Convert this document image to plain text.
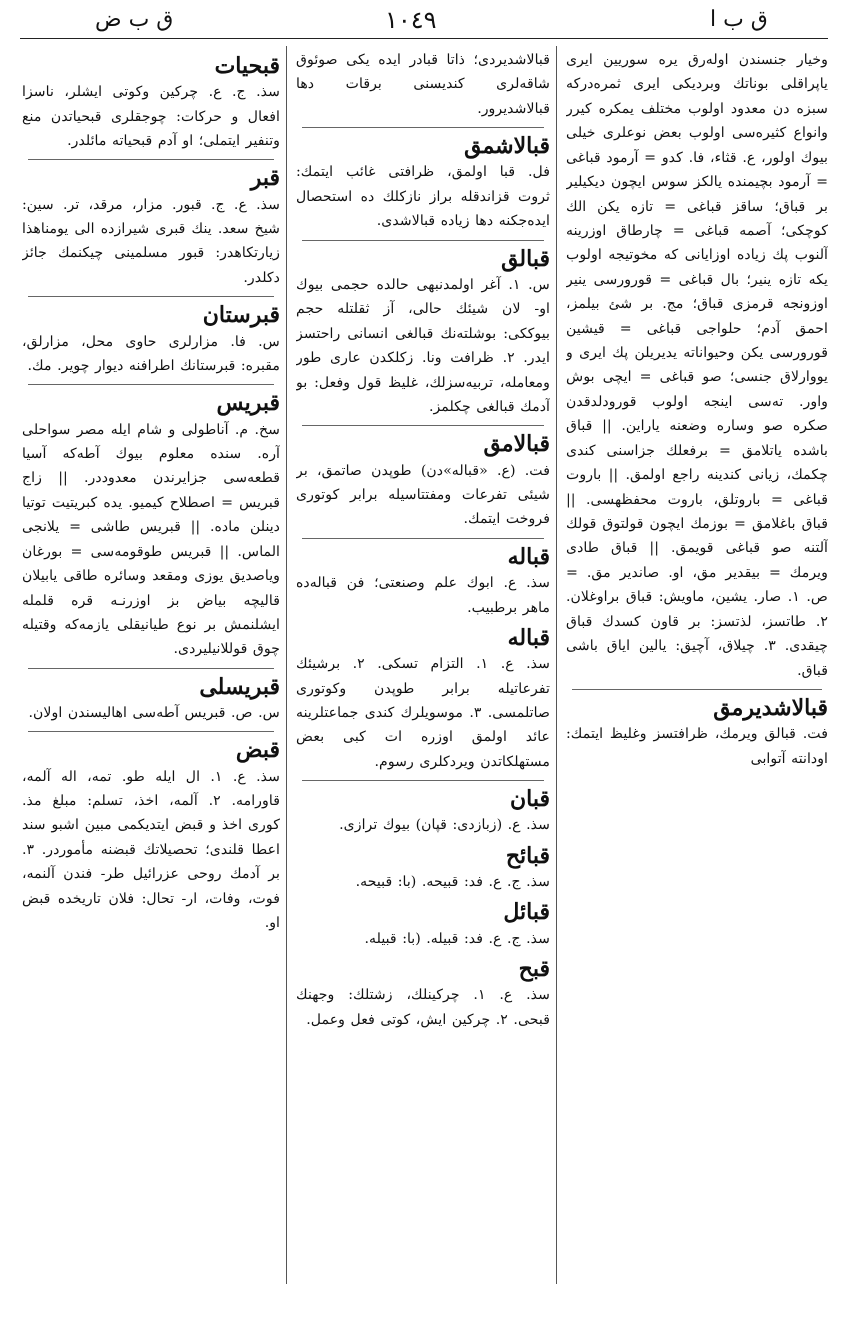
ق ب ض	١٠٤٩	ق ب ا

وخيار جنسندن اولەرق يره سوريين ايرى ياپراقلى بوناتك وبرديكى ايرى ثمرەدركه سبزه دن معدود اولوب مختلف يمكره كيرر وانواع كثيرەسى اولوب بعض نوعلرى خيلى بيوك اولور، ع. قثاء، فا. كدو = آرمود قباغى = آرمود بچيمنده يالكز سوس ايچون ديكيلير بر قباق؛ ساقز قباغى = تازه يكن الك كوچكى؛ آصمه قباغى = چارطاق اوزرينه آلنوب پك زياده اوزايانى كه مخوتيجه اولوب يكه تازه ينير؛ بال قباغى = قورورسى ينير اوزونجه قرمزى قباق؛ مج. بر شئ بيلمز، احمق آدم؛ حلواجى قباغى = قيشين قورورسى يكن وحيواناته يديريلن پك ايرى و يووارلاق جنسى؛ صو قباغى = ايچى بوش واور. تەسى اينجه اولوب قورودلدقدن صكره صو وساره وضعنه ياراين. || قباق باشده ياتلامق = برفعلك جزاسنى كندى چكمك، زيانى كندينه راجع اولمق. || باروت قباغى = باروتلق، باروت محفظهسى. || قباق باغلامق = بوزمك ايچون قولتوق قولك آلتنه صو قباغى قويمق. || قباق طادى ويرمك = بيقدير مق، او. صاندير مق. = ص. ١. صار. يشين، ماويش: قباق براوغلان. ٢. طاتسز، لذتسز: بر قاون كسدك قباق چيقدى. ٣. چيلاق، آچيق: يالين اياق باشى قباق.

قبالاشديرمق

فت. قبالق ويرمك، ظرافتسز وغليظ ايتمك: اودانته آتوابى

قبالاشديردى؛ ذاتا قبادر ايده يكى صوئوق شاقەلرى كنديسنى برقات دها قبالاشديرور.

قبالاشمق

فل. قبا اولمق، ظرافتى غائب ايتمك: ثروت قزاندقله براز نازكلك ده استحصال ايدەجكنه دها زياده قبالاشدى.

قبالق

س. ١. آغر اولمدنبهى حالده حجمى بيوك او- لان شيئك حالى، آز ثقلتله حجم بيوككى: بوشلتەنك قبالغى انسانى راحتسز ايدر. ٢. ظرافت ونا. زكلكدن عارى طور ومعامله، تربيەسزلك، غليظ قول وفعل: بو آدمك قبالغى چكلمز.

قبالامق

فت. (ع. «قباله»دن) طوپدن صاتمق، بر شيئى تفرعات ومفتتاسيله برابر كوتورى فروخت ايتمك.

قباله

سذ. ع. ابوك علم وصنعتى؛ فن قبالەده ماهر برطبيب.

قباله

سذ. ع. ١. التزام تسكى. ٢. برشيئك تفرعاتيله برابر طوپدن وكوتورى صاتلمسى. ٣. موسويلرك كندى جماعتلرينه عائد اولمق اوزره ات كبى بعض مستهلكاتدن ويردكلرى رسوم.

قبان

سذ. ع. (زبازدى: قپان) بيوك ترازى.

قبائح

سذ. ج. ع. فد: قبيحه. (با: قبيحه.

قبائل

سذ. ج. ع. فد: قبيله. (با: قبيله.

قبح

سذ. ع. ١. چركينلك، زشتلك: وجهنك قبحى. ٢. چركين ايش، كوتى فعل وعمل.

قبحيات

سذ. ج. ع. چركين وكوتى ايشلر، ناسزا افعال و حركات: چوجقلرى قبحياتدن منع وتنفير ايتملى؛ او آدم قبحياته مائلدر.

قبر

سذ. ع. ج. قبور. مزار، مرقد، تر. سين: شيخ سعد. ينك قبرى شيرازده الى يومناهذا زيارتكاهدر: قبور مسلمينى چيكنمك جائز دكلدر.

قبرستان

س. فا. مزارلرى حاوى محل، مزارلق، مقبره: قبرستانك اطرافنه ديوار چوير. مك.

قبريس

سخ. م. آناطولى و شام ايله مصر سواحلى آره. سنده معلوم بيوك آطەكه آسيا قطعەسى جزايرندن معدوددر. || زاج قبريس = اصطلاح كيميو. يده كبريتيت توتيا دينلن ماده. || قبريس طاشى = يلانجى الماس. || قبريس طوقومەسى = بورغان وياصديق يوزى ومقعد وسائره طاقى يابيلان قاليچه بياض بز اوزرنـه قره قلمله ايشلنمش بر نوع طيانيقلى يازمەكه وقتيله چوق قوللانيليردى.

قبريسلى

س. ص. قبريس آطەسى اهاليسندن اولان.

قبض

سذ. ع. ١. ال ايله طو. تمه، اله آلمه، قاورامه. ٢. آلمه، اخذ، تسلم: مبلغ مذ. كورى اخذ و قبض ايتديكمى مبين اشبو سند اعطا قلندى؛ تحصيلاتك قبضنه مأموردر. ٣. بر آدمك روحى عزرائيل طر- فندن آلنمه، فوت، وفات، ار- تحال: فلان تاريخده قبض او.
